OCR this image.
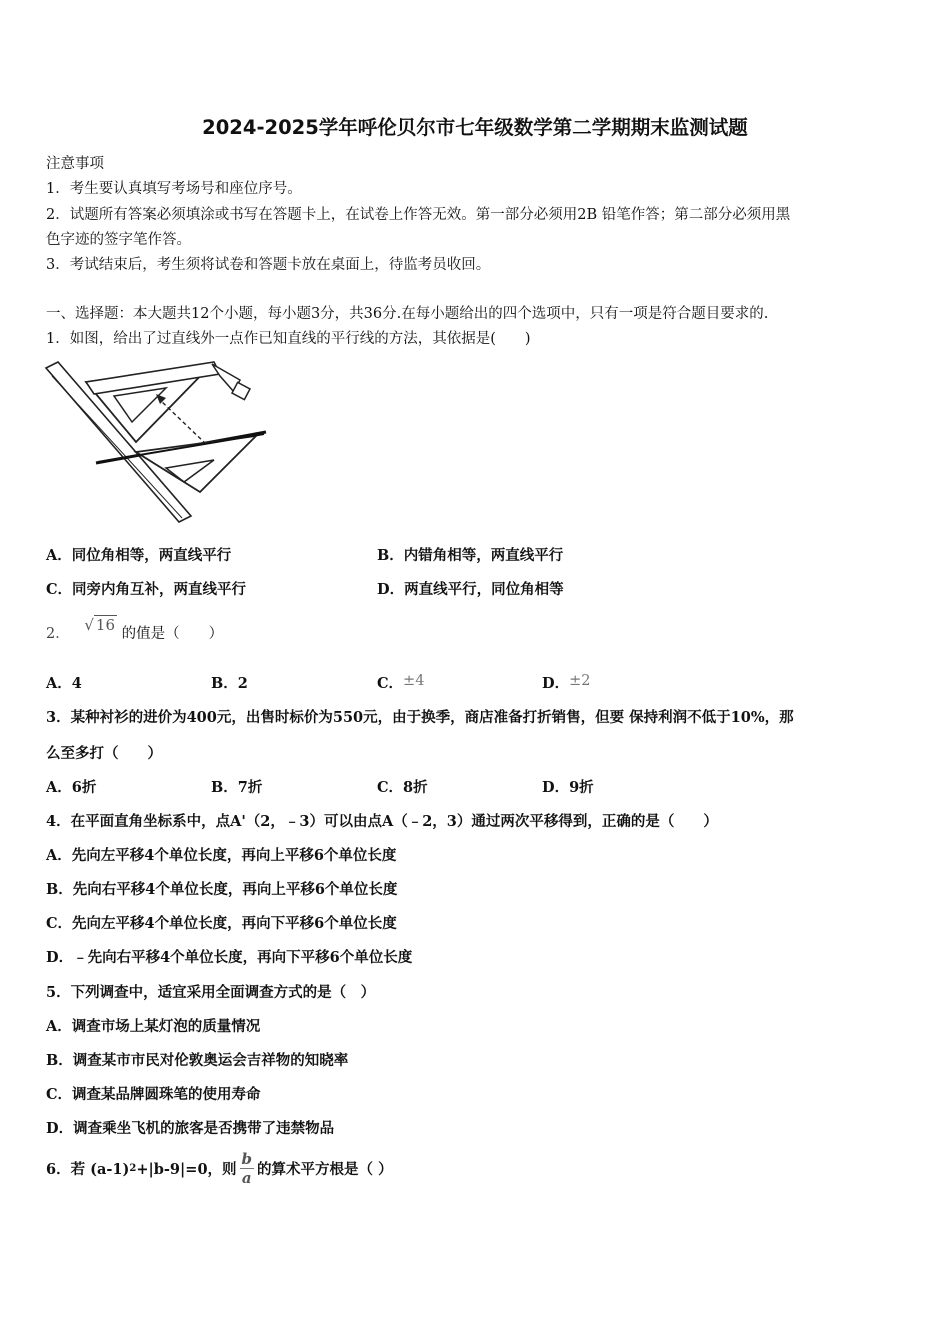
2024-2025学年呼伦贝尔市七年级数学第二学期期末监测试题
注意事项
1．考生要认真填写考场号和座位序号。
2．试题所有答案必须填涂或书写在答题卡上，在试卷上作答无效。第一部分必须用2B 铅笔作答；第二部分必须用黑
色字迹的签字笔作答。
3．考试结束后，考生须将试卷和答题卡放在桌面上，待监考员收回。
一、选择题：本大题共12个小题，每小题3分，共36分.在每小题给出的四个选项中，只有一项是符合题目要求的.
1．如图，给出了过直线外一点作已知直线的平行线的方法，其依据是(　　)
A．同位角相等，两直线平行	B．内错角相等，两直线平行
C．同旁内角互补，两直线平行	D．两直线平行，同位角相等
2． √ 16 的值是（　　）
A．4	B．2	C．±4	D．±2
3．某种衬衫的进价为400元，出售时标价为550元，由于换季，商店准备打折销售，但要 保持利润不低于10%，那
么至多打（　　）
A．6折	B．7折	C．8折	D．9折
4．在平面直角坐标系中，点A'（2，﹣3）可以由点A（﹣2，3）通过两次平移得到，正确的是（　　）
A．先向左平移4个单位长度，再向上平移6个单位长度
B．先向右平移4个单位长度，再向上平移6个单位长度
C．先向左平移4个单位长度，再向下平移6个单位长度
D．﹣先向右平移4个单位长度，再向下平移6个单位长度
5．下列调查中，适宜采用全面调查方式的是（　）
A．调查市场上某灯泡的质量情况
B．调查某市市民对伦敦奥运会吉祥物的知晓率
C．调查某品牌圆珠笔的使用寿命
D．调查乘坐飞机的旅客是否携带了违禁物品
6．若 (a-1) 2 +|b-9|=0，则 $\frac{b}{a}$ 的算术平方根是（ ）
